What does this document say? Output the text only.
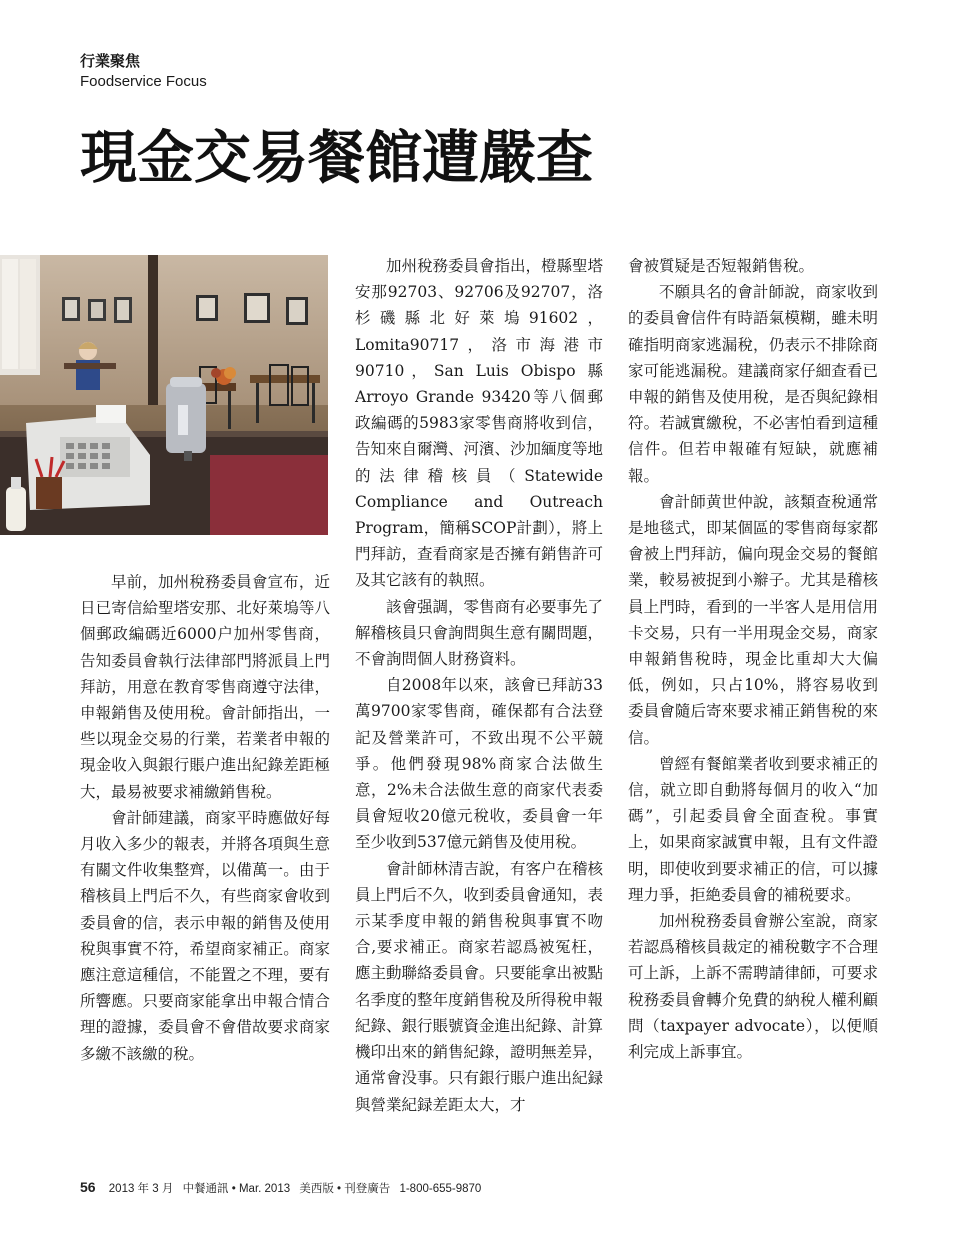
行業聚焦
Foodservice Focus
現金交易餐館遭嚴查

早前，加州稅務委員會宣布，近日已寄信給聖塔安那、北好萊塢等八個郵政編碼近6000户加州零售商，告知委員會執行法律部門將派員上門拜訪，用意在教育零售商遵守法律，申報銷售及使用稅。會計師指出，一些以現金交易的行業，若業者申報的現金收入與銀行賬户進出紀錄差距極大，最易被要求補繳銷售稅。

會計師建議，商家平時應做好每月收入多少的報表，并將各項與生意有關文件收集整齊，以備萬一。由于稽核員上門后不久，有些商家會收到委員會的信，表示申報的銷售及使用稅與事實不符，希望商家補正。商家應注意這種信，不能置之不理，要有所響應。只要商家能拿出申報合情合理的證據，委員會不會借故要求商家多繳不該繳的稅。

加州稅務委員會指出，橙縣聖塔安那92703、92706及92707，洛杉磯縣北好萊塢91602，Lomita90717，洛市海港市90710，San Luis Obispo 縣 Arroyo Grande 93420等八個郵政編碼的5983家零售商將收到信，告知來自爾灣、河濱、沙加緬度等地的法律稽核員（Statewide Compliance and Outreach Program，簡稱SCOP計劃），將上門拜訪，查看商家是否擁有銷售許可及其它該有的執照。

該會强調，零售商有必要事先了解稽核員只會詢問與生意有關問題，不會詢問個人財務資料。

自2008年以來，該會已拜訪33萬9700家零售商，確保都有合法登記及營業許可，不致出現不公平競爭。他們發現98%商家合法做生意，2%未合法做生意的商家代表委員會短收20億元稅收，委員會一年至少收到537億元銷售及使用稅。

會計師林清吉說，有客户在稽核員上門后不久，收到委員會通知，表示某季度申報的銷售稅與事實不吻合,要求補正。商家若認爲被冤枉，應主動聯絡委員會。只要能拿出被點名季度的整年度銷售稅及所得稅申報紀錄、銀行賬號資金進出紀錄、計算機印出來的銷售紀錄，證明無差异，通常會没事。只有銀行賬户進出紀録與營業紀録差距太大，才

會被質疑是否短報銷售稅。

不願具名的會計師說，商家收到的委員會信件有時語氣模糊，雖未明確指明商家逃漏稅，仍表示不排除商家可能逃漏稅。建議商家仔細查看已申報的銷售及使用稅，是否與紀錄相符。若誠實繳稅，不必害怕看到這種信件。但若申報確有短缺，就應補報。

會計師黄世仲說，該類查稅通常是地毯式，即某個區的零售商每家都會被上門拜訪，偏向現金交易的餐館業，較易被捉到小辮子。尤其是稽核員上門時，看到的一半客人是用信用卡交易，只有一半用現金交易，商家申報銷售稅時，現金比重却大大偏低，例如，只占10%，將容易收到委員會隨后寄來要求補正銷售稅的來信。

曾經有餐館業者收到要求補正的信，就立即自動將每個月的收入“加碼”，引起委員會全面查稅。事實上，如果商家誠實申報，且有文件證明，即使收到要求補正的信，可以據理力爭，拒絶委員會的補税要求。

加州稅務委員會辦公室說，商家若認爲稽核員裁定的補稅數字不合理可上訴，上訴不需聘請律師，可要求稅務委員會轉介免費的納稅人權利顧問（taxpayer advocate），以便順利完成上訴事宜。

56 2013 年 3 月 中餐通訊 • Mar. 2013 美西版 • 刊登廣告 1-800-655-9870
